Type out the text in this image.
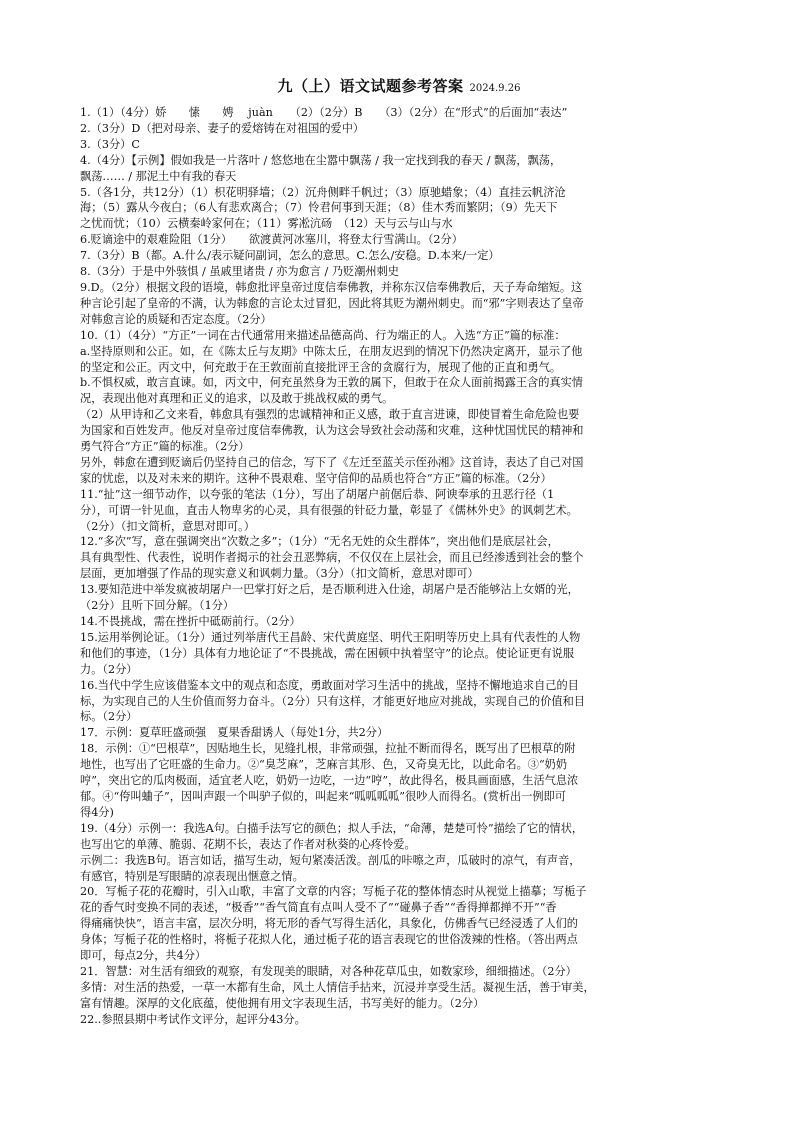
九（上）语文试题参考答案 2024.9.26

1.（1）（4分）娇　　愫　　娉　 juàn　　（2）（2分）B　　（3）（2分）在“形式”的后面加“表达”

2.（3分）D（把对母亲、妻子的爱熔铸在对祖国的爱中）

3.（3分）C

4.（4分）【示例】假如我是一片落叶 / 悠悠地在尘嚣中飘荡 / 我一定找到我的春天 / 飘荡，飘荡，

飘荡…… / 那泥土中有我的春天

5.（各1分，共12分）（1）枳花明驿墙；（2）沉舟侧畔千帆过；（3）原驰蜡象；（4）直挂云帆济沧

海；（5）露从今夜白；（6人有悲欢离合；（7）怜君何事到天涯；（8）佳木秀而繁阴；（9）先天下

之忧而忧；（10）云横秦岭家何在；（11）雾凇沆砀　（12）天与云与山与水

6.贬谪途中的艰难险阻（1分）　　欲渡黄河冰塞川，将登太行雪满山。（2分）

7.（3分）B（都。A.什么/表示疑问副词，怎么的意思。C.怎么/安稳。D.本来/一定）

8.（3分）于是中外骇惧 / 虽戚里诸贵 / 亦为愈言 / 乃贬潮州刺史

9.D。（2分）根据文段的语境，韩愈批评皇帝过度信奉佛教，并称东汉信奉佛教后，天子寿命缩短。这

种言论引起了皇帝的不满，认为韩愈的言论太过冒犯，因此将其贬为潮州刺史。而“邪”字则表达了皇帝

对韩愈言论的质疑和否定态度。（2分）

10.（1）（4分）“方正”一词在古代通常用来描述品德高尚、行为端正的人。入选“方正”篇的标准：

a.坚持原则和公正。如，在《陈太丘与友期》中陈太丘，在朋友迟到的情况下仍然决定离开，显示了他

的坚定和公正。丙文中，何充敢于在王敦面前直接批评王含的贪腐行为，展现了他的正直和勇气。

b.不惧权威，敢言直谏。如，丙文中，何充虽然身为王敦的属下，但敢于在众人面前揭露王含的真实情

况，表现出他对真理和正义的追求，以及敢于挑战权威的勇气。

（2）从甲诗和乙文来看，韩愈具有强烈的忠诚精神和正义感，敢于直言进谏，即使冒着生命危险也要

为国家和百姓发声。他反对皇帝过度信奉佛教，认为这会导致社会动荡和灾难，这种忧国忧民的精神和

勇气符合“方正”篇的标准。（2分）

另外，韩愈在遭到贬谪后仍坚持自己的信念，写下了《左迁至蓝关示侄孙湘》这首诗，表达了自己对国

家的忧虑，以及对未来的期许。这种不畏艰难、坚守信仰的品质也符合“方正”篇的标准。（2分）

11.“扯”这一细节动作，以夸张的笔法（1分），写出了胡屠户前倨后恭、阿谀奉承的丑恶行径（1

分），可谓一针见血，直击人物卑劣的心灵，具有很强的针砭力量，彰显了《儒林外史》的讽刺艺术。

（2分）（扣文简析，意思对即可。）

12.“多次”写，意在强调突出“次数之多”；（1分）“无名无姓的众生群体”，突出他们是底层社会，

具有典型性、代表性，说明作者揭示的社会丑恶弊病，不仅仅在上层社会，而且已经渗透到社会的整个

层面，更加增强了作品的现实意义和讽刺力量。（3分）（扣文简析，意思对即可）

13.要知范进中举发疯被胡屠户一巴掌打好之后，是否顺利进入仕途，胡屠户是否能够沾上女婿的光，

（2分）且听下回分解。（1分）

14.不畏挑战，需在挫折中砥砺前行。（2分）

15.运用举例论证。（1分）通过列举唐代王昌龄、宋代黄庭坚、明代王阳明等历史上具有代表性的人物

和他们的事迹，（1分）具体有力地论证了“不畏挑战，需在困顿中执着坚守”的论点。使论证更有说服

力。（2分）

16.当代中学生应该借鉴本文中的观点和态度，勇敢面对学习生活中的挑战，坚持不懈地追求自己的目

标，为实现自己的人生价值而努力奋斗。（2分）只有这样，才能更好地应对挑战，实现自己的价值和目

标。（2分）

17．示例：夏草旺盛顽强　夏果香甜诱人（每处1分，共2分）

18．示例：①“巴根草”，因贴地生长，见缝扎根，非常顽强，拉扯不断而得名，既写出了巴根草的附

地性，也写出了它旺盛的生命力。②“臭芝麻”，芝麻言其形、色，又奇臭无比，以此命名。③“奶奶

哼”，突出它的瓜肉极面，适宜老人吃，奶奶一边吃，一边“哼”，故此得名，极具画面感，生活气息浓

郁。④“侉叫蛐子”，因叫声跟一个叫驴子似的，叫起来“呱呱呱呱”很吵人而得名。(赏析出一例即可

得4分)

19.（4分）示例一：我选A句。白描手法写它的颜色；拟人手法，“命薄，楚楚可怜”描绘了它的情状，

也写出它的单薄、脆弱、花期不长，表达了作者对秋葵的心疼怜爱。

示例二：我选B句。语言如话，描写生动，短句紧凑活泼。剖瓜的咔嚓之声，瓜破时的凉气，有声音，

有感官，特别是写眼睛的凉表现出惬意之情。

20．写栀子花的花瓣时，引入山歌，丰富了文章的内容；写栀子花的整体情态时从视觉上描摹；写栀子

花的香气时变换不同的表述，“极香”“香气简直有点叫人受不了”“碰鼻子香”“香得掸都掸不开”“香

得痛痛快快”，语言丰富，层次分明，将无形的香气写得生活化，具象化，仿佛香气已经浸透了人们的

身体；写栀子花的性格时，将栀子花拟人化，通过栀子花的语言表现它的世俗泼辣的性格。（答出两点

即可，每点2分，共4分）

21．智慧：对生活有细致的观察，有发现美的眼睛，对各种花草瓜虫，如数家珍，细细描述。（2分）

多情：对生活的热爱，一草一木都有生命，风土人情信手拈来，沉浸并享受生活。凝视生活，善于审美，

富有情趣。深厚的文化底蕴，使他拥有用文字表现生活，书写美好的能力。（2分）

22..参照县期中考试作文评分，起评分43分。
